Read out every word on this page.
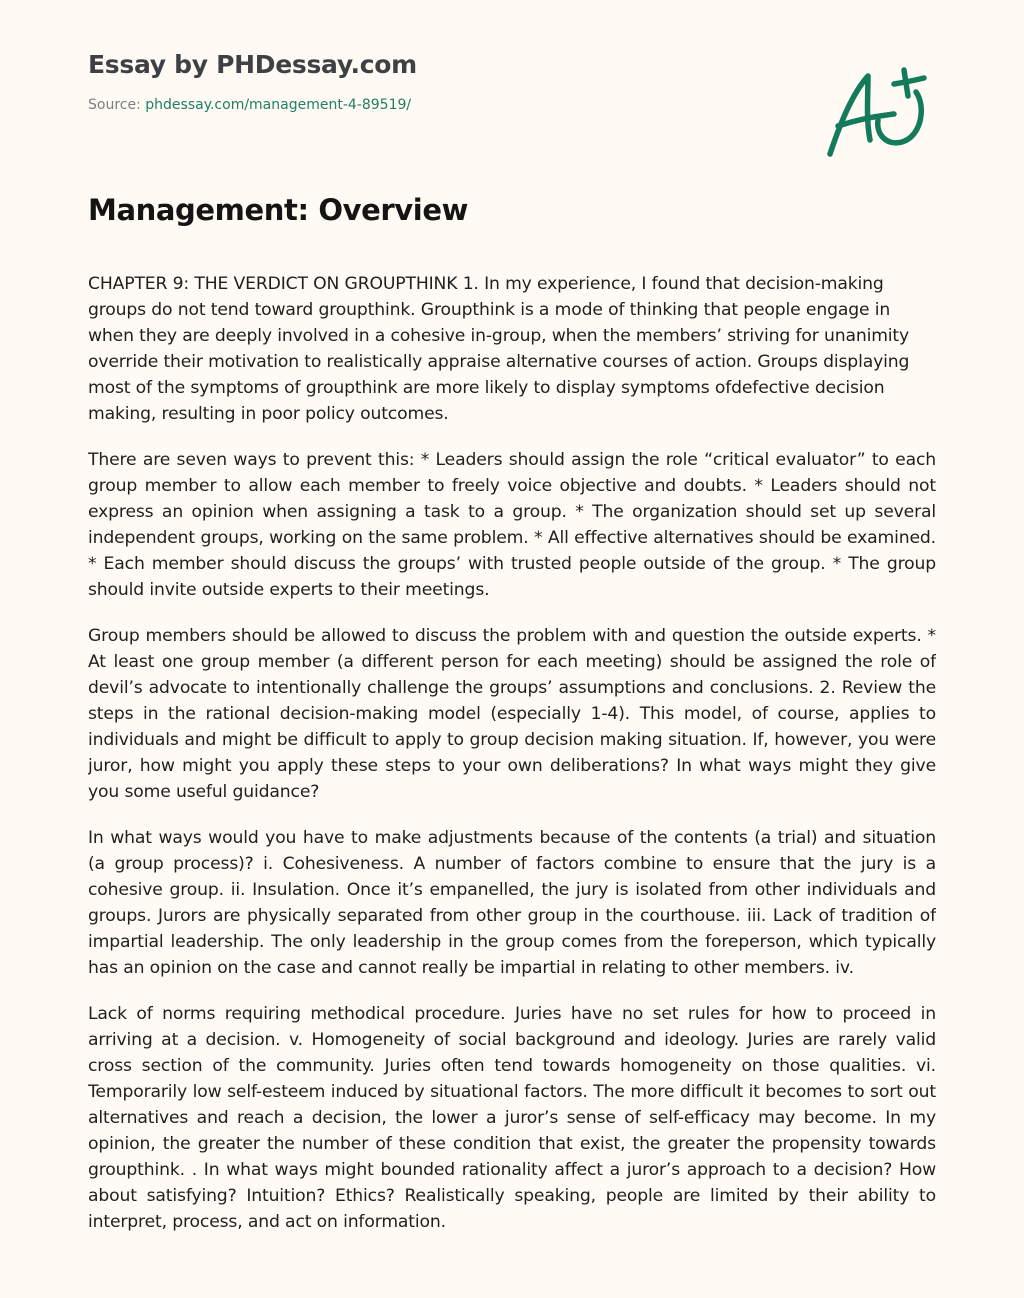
Essay by PHDessay.com
Source: phdessay.com/management-4-89519/
Management: Overview

CHAPTER 9: THE VERDICT ON GROUPTHINK 1. In my experience, I found that decision-making groups do not tend toward groupthink. Groupthink is a mode of thinking that people engage in when they are deeply involved in a cohesive in-group, when the members’ striving for unanimity override their motivation to realistically appraise alternative courses of action. Groups displaying most of the symptoms of groupthink are more likely to display symptoms ofdefective decision making, resulting in poor policy outcomes.

There are seven ways to prevent this: * Leaders should assign the role “critical evaluator” to each group member to allow each member to freely voice objective and doubts. * Leaders should not express an opinion when assigning a task to a group. * The organization should set up several independent groups, working on the same problem. * All effective alternatives should be examined. * Each member should discuss the groups’ with trusted people outside of the group. * The group should invite outside experts to their meetings.

Group members should be allowed to discuss the problem with and question the outside experts. * At least one group member (a different person for each meeting) should be assigned the role of devil’s advocate to intentionally challenge the groups’ assumptions and conclusions. 2. Review the steps in the rational decision-making model (especially 1-4). This model, of course, applies to individuals and might be difficult to apply to group decision making situation. If, however, you were juror, how might you apply these steps to your own deliberations? In what ways might they give you some useful guidance?

In what ways would you have to make adjustments because of the contents (a trial) and situation (a group process)? i. Cohesiveness. A number of factors combine to ensure that the jury is a cohesive group. ii. Insulation. Once it’s empanelled, the jury is isolated from other individuals and groups. Jurors are physically separated from other group in the courthouse. iii. Lack of tradition of impartial leadership. The only leadership in the group comes from the foreperson, which typically has an opinion on the case and cannot really be impartial in relating to other members. iv.

Lack of norms requiring methodical procedure. Juries have no set rules for how to proceed in arriving at a decision. v. Homogeneity of social background and ideology. Juries are rarely valid cross section of the community. Juries often tend towards homogeneity on those qualities. vi. Temporarily low self-esteem induced by situational factors. The more difficult it becomes to sort out alternatives and reach a decision, the lower a juror’s sense of self-efficacy may become. In my opinion, the greater the number of these condition that exist, the greater the propensity towards groupthink. . In what ways might bounded rationality affect a juror’s approach to a decision? How about satisfying? Intuition? Ethics? Realistically speaking, people are limited by their ability to interpret, process, and act on information.
